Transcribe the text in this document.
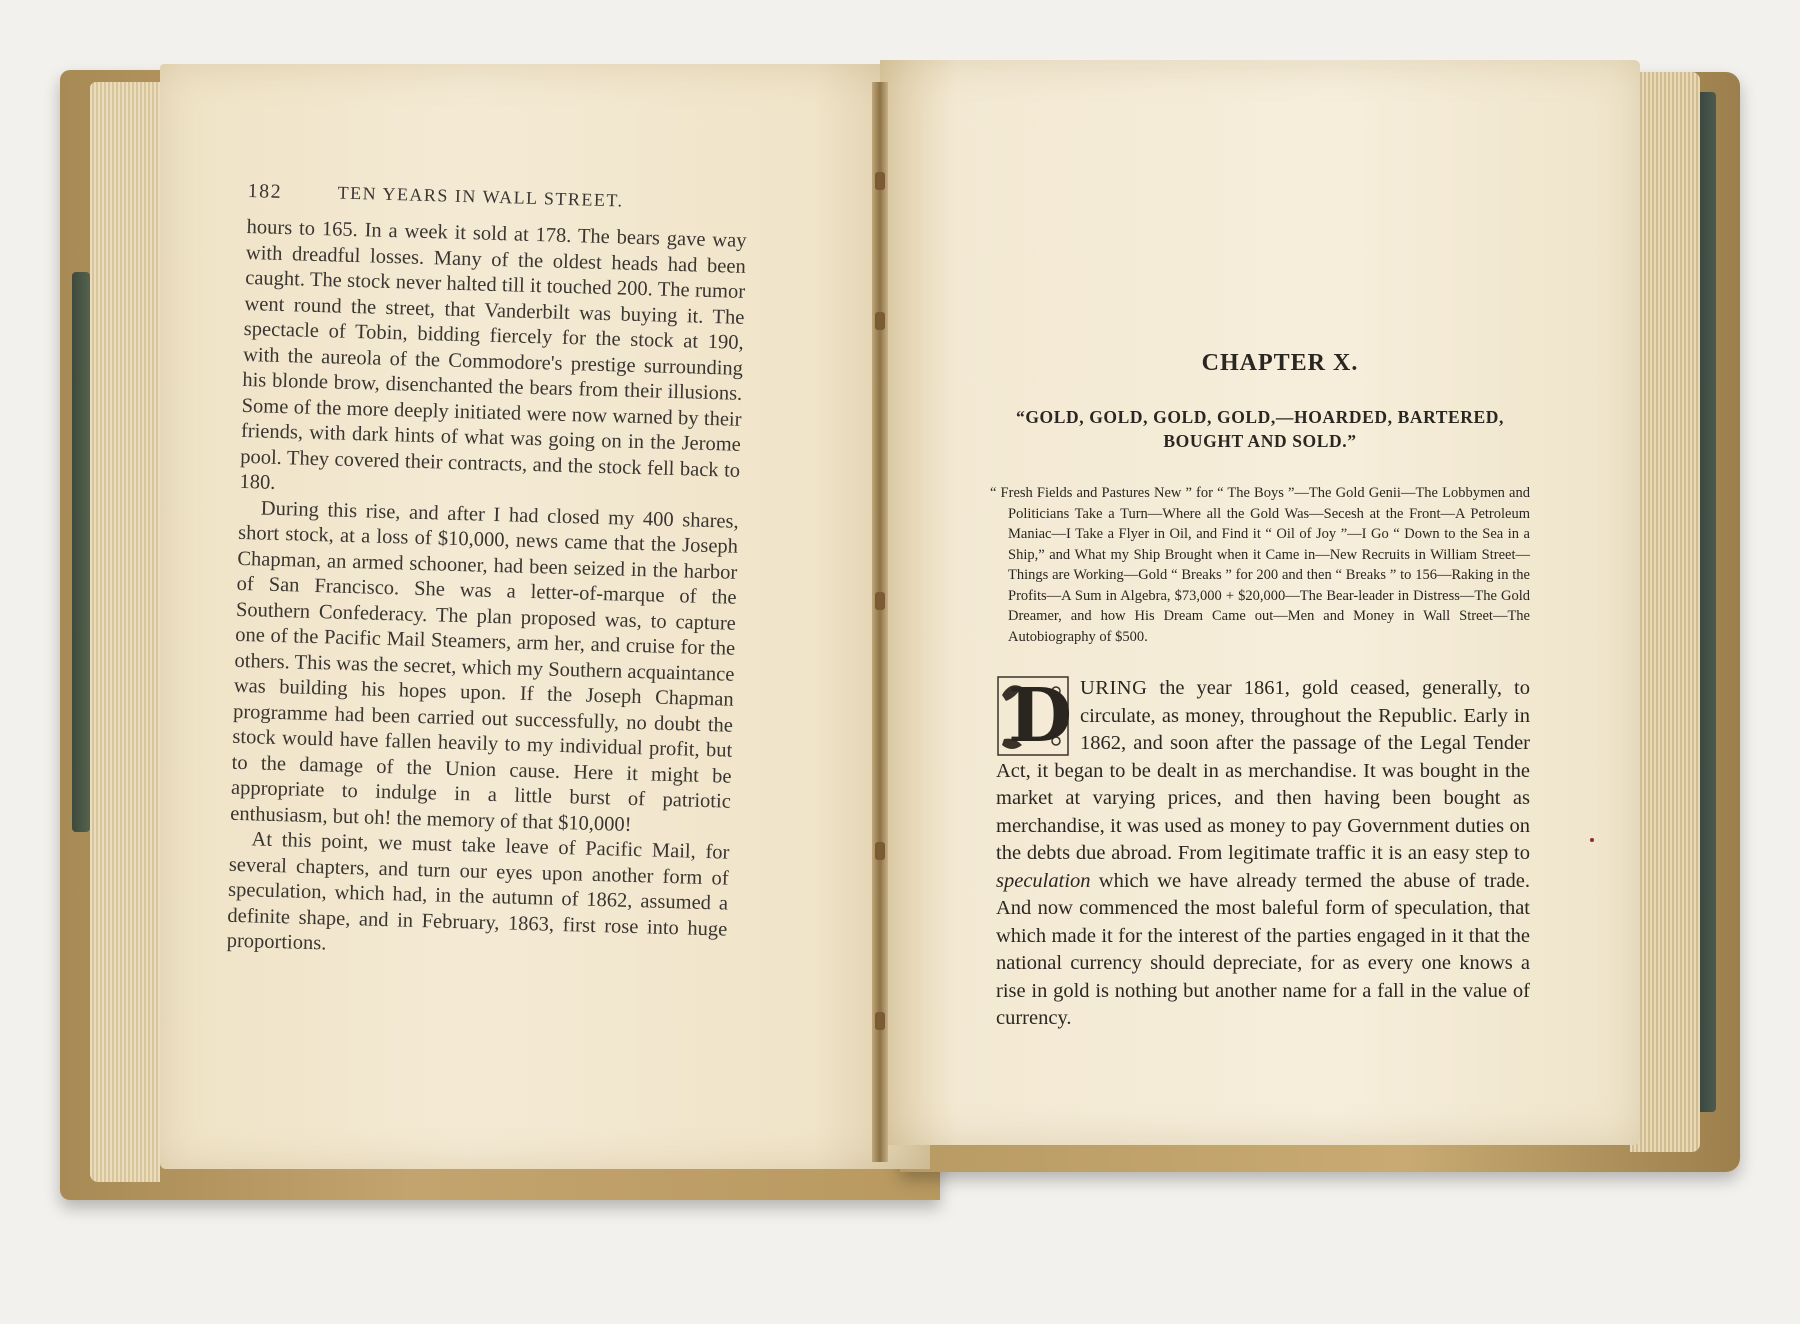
182	TEN YEARS IN WALL STREET.

hours to 165. In a week it sold at 178. The bears gave way with dreadful losses. Many of the oldest heads had been caught. The stock never halted till it touched 200. The rumor went round the street, that Vanderbilt was buying it. The spectacle of Tobin, bidding fiercely for the stock at 190, with the aureola of the Commodore's prestige surrounding his blonde brow, disenchanted the bears from their illusions. Some of the more deeply initiated were now warned by their friends, with dark hints of what was going on in the Jerome pool. They covered their contracts, and the stock fell back to 180.

During this rise, and after I had closed my 400 shares, short stock, at a loss of $10,000, news came that the Joseph Chapman, an armed schooner, had been seized in the harbor of San Francisco. She was a letter-of-marque of the Southern Confederacy. The plan proposed was, to capture one of the Pacific Mail Steamers, arm her, and cruise for the others. This was the secret, which my Southern acquaintance was building his hopes upon. If the Joseph Chapman programme had been carried out successfully, no doubt the stock would have fallen heavily to my individual profit, but to the damage of the Union cause. Here it might be appropriate to indulge in a little burst of patriotic enthusiasm, but oh! the memory of that $10,000!

At this point, we must take leave of Pacific Mail, for several chapters, and turn our eyes upon another form of speculation, which had, in the autumn of 1862, assumed a definite shape, and in February, 1863, first rose into huge proportions.

CHAPTER X.
“GOLD, GOLD, GOLD, GOLD,—HOARDED, BARTERED, BOUGHT AND SOLD.”
“ Fresh Fields and Pastures New ” for “ The Boys ”—The Gold Genii—The Lobbymen and Politicians Take a Turn—Where all the Gold Was—Secesh at the Front—A Petroleum Maniac—I Take a Flyer in Oil, and Find it “ Oil of Joy ”—I Go “ Down to the Sea in a Ship,” and What my Ship Brought when it Came in—New Recruits in William Street—Things are Working—Gold “ Breaks ” for 200 and then “ Breaks ” to 156—Raking in the Profits—A Sum in Algebra, $73,000 + $20,000—The Bear-leader in Distress—The Gold Dreamer, and how His Dream Came out—Men and Money in Wall Street—The Autobiography of $500.
D URING the year 1861, gold ceased, generally, to circulate, as money, throughout the Republic. Early in 1862, and soon after the passage of the Legal Tender Act, it began to be dealt in as merchandise. It was bought in the market at varying prices, and then having been bought as merchandise, it was used as money to pay Government duties on the debts due abroad. From legitimate traffic it is an easy step to speculation which we have already termed the abuse of trade. And now commenced the most baleful form of speculation, that which made it for the interest of the parties engaged in it that the national currency should depreciate, for as every one knows a rise in gold is nothing but another name for a fall in the value of currency.
